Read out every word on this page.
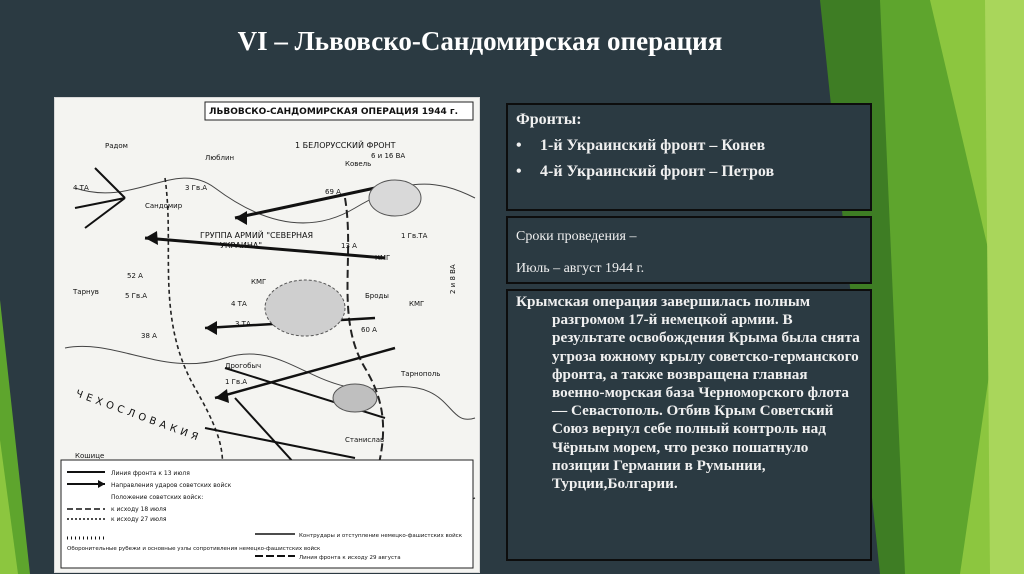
VI – Львовско-Сандомирская операция
ЛЬВОВСКО-САНДОМИРСКАЯ ОПЕРАЦИЯ 1944 г.
1 БЕЛОРУССКИЙ ФРОНТ
ГРУППА АРМИЙ "СЕВЕРНАЯ
УКРАИНА"
ЧЕХОСЛОВАКИЯ
Радом
Люблин
Сандомир
Ковель
Тарнув
Кошице
Станислав
Броды
Тарнополь
Дрогобыч
4 ТА	3 Гв.А	69 А
13 А
1 Гв.ТА
60 А
38 А
1 Гв.А
4 ТА
3 ТА
5 Гв.А
52 А
КМГ
КМГ
КМГ
6 и 16 ВА
2 и 8 ВА
Линия фронта к 13 июля
Направления ударов советских войск
Положение советских войск:
к исходу 18 июля
к исходу 27 июля
Оборонительные рубежи и основные узлы сопротивления немецко-фашистских войск
Контрудары и отступление немецко-фашистских войск
Линия фронта к исходу 29 августа
Фронты:
•	1-й Украинский фронт – Конев
•	4-й Украинский фронт – Петров
Сроки проведения –
Июль – август 1944 г.

Крымская операция завершилась полным разгромом 17-й немецкой армии. В результате освобождения Крыма была снята угроза южному крылу советско-германского фронта, а также возвращена главная военно-морская база Черноморского флота — Севастополь. Отбив Крым Советский Союз вернул себе полный контроль над Чёрным морем, что резко пошатнуло позиции Германии в Румынии, Турции,Болгарии.
